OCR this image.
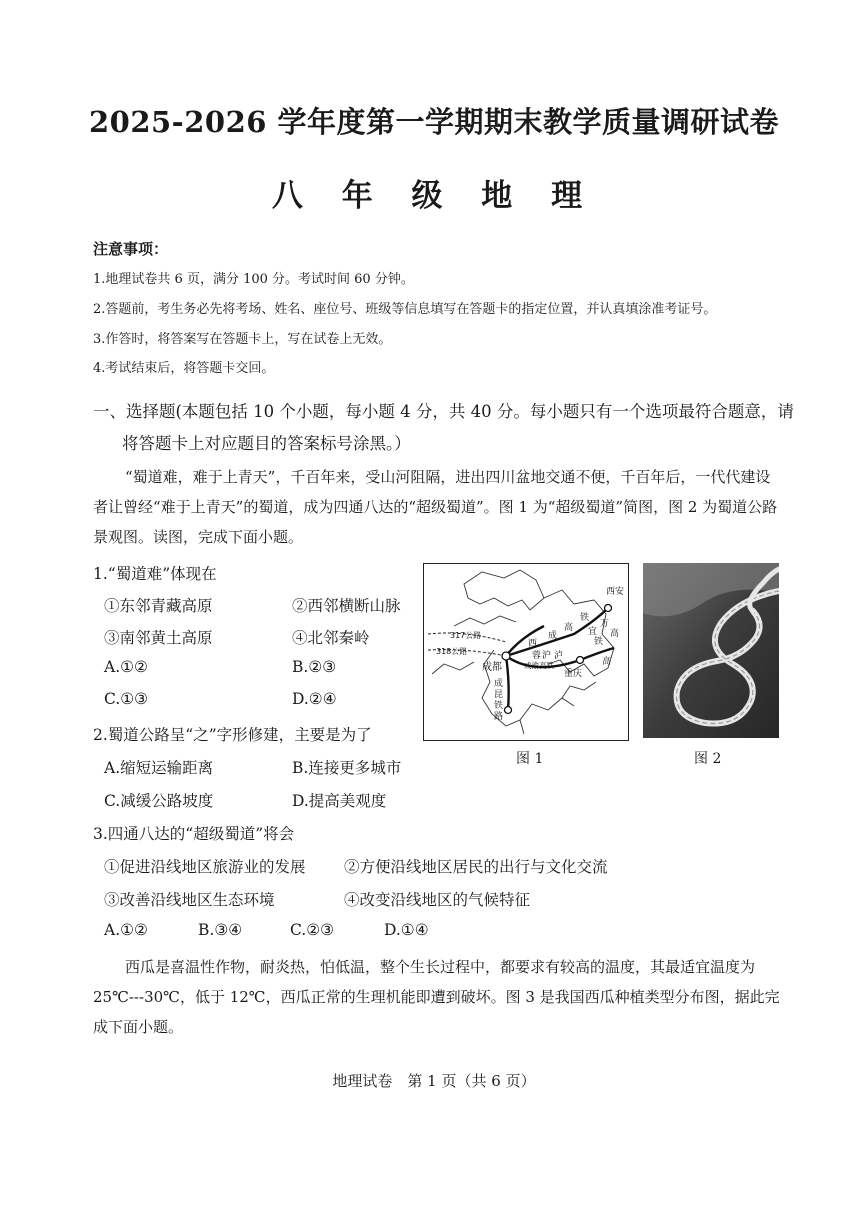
2025-2026 学年度第一学期期末教学质量调研试卷
八 年 级 地 理
注意事项：
1.地理试卷共 6 页，满分 100 分。考试时间 60 分钟。
2.答题前，考生务必先将考场、姓名、座位号、班级等信息填写在答题卡的指定位置，并认真填涂准考证号。
3.作答时，将答案写在答题卡上，写在试卷上无效。
4.考试结束后，将答题卡交回。
一、选择题(本题包括 10 个小题，每小题 4 分，共 40 分。每小题只有一个选项最符合题意，请
将答题卡上对应题目的答案标号涂黑。）
“蜀道难，难于上青天”，千百年来，受山河阻隔，进出四川盆地交通不便，千百年后，一代代建设者让曾经“难于上青天”的蜀道，成为四通八达的“超级蜀道”。图 1 为“超级蜀道”简图，图 2 为蜀道公路景观图。读图，完成下面小题。
1.“蜀道难”体现在
①东邻青藏高原	②西邻横断山脉
③南邻黄土高原	④北邻秦岭
A.①②	B.②③
C.①③	D.②④
2.蜀道公路呈“之”字形修建，主要是为了
A.缩短运输距离	B.连接更多城市
C.减缓公路坡度	D.提高美观度
3.四通八达的“超级蜀道”将会
①促进沿线地区旅游业的发展 ②方便沿线地区居民的出行与文化交流
③改善沿线地区生态环境	④改变沿线地区的气候特征
A.①②	B.③④	C.②③	D.①④
西瓜是喜温性作物，耐炎热，怕低温，整个生长过程中，都要求有较高的温度，其最适宜温度为 25℃---30℃，低于 12℃，西瓜正常的生理机能即遭到破坏。图 3 是我国西瓜种植类型分布图，据此完成下面小题。
西安
成都
重庆
317公路
318公路
西
成
高
铁
泸
高
成渝高铁
成
昆
铁
路
沪
蓉
铁
高
宜
万
图 1	图 2
地理试卷　第 1 页（共 6 页）
